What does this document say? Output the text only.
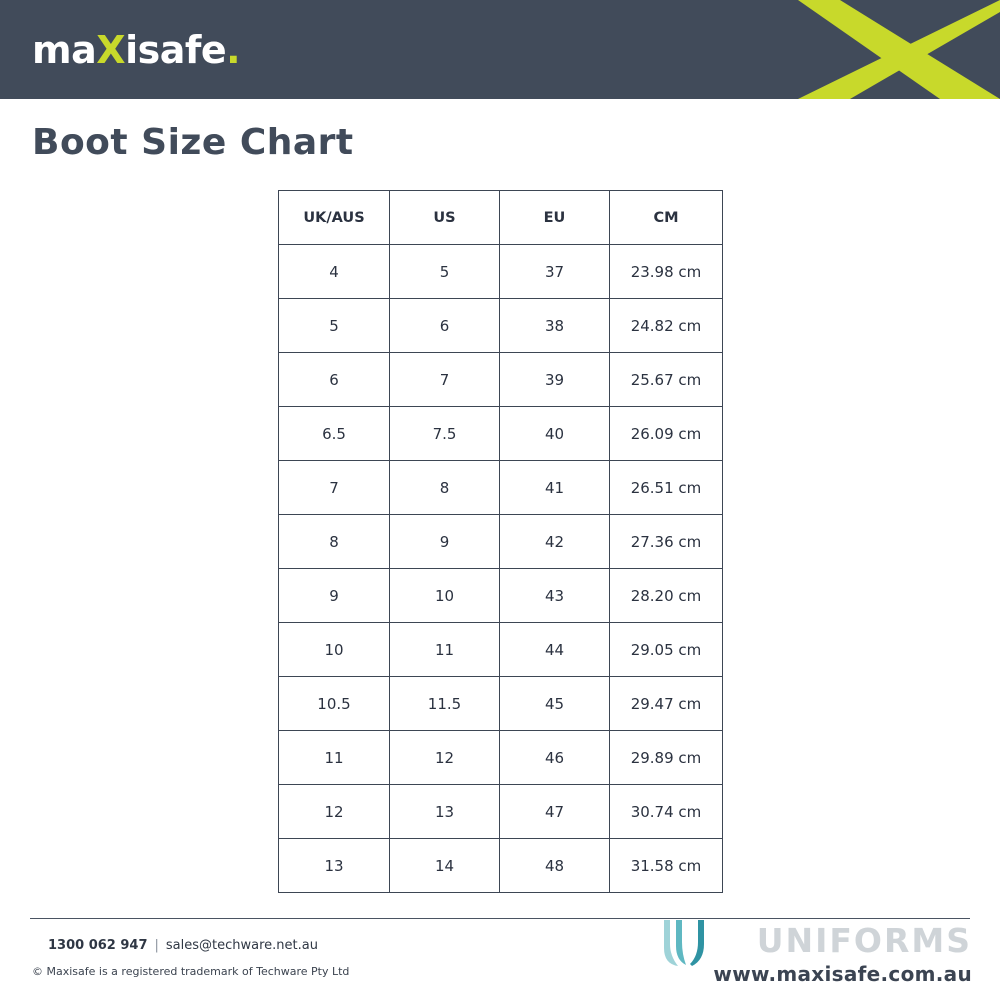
maXisafe.
Boot Size Chart
UK/AUS	US	EU	CM
4	5	37	23.98 cm
5	6	38	24.82 cm
6	7	39	25.67 cm
6.5	7.5	40	26.09 cm
7	8	41	26.51 cm
8	9	42	27.36 cm
9	10	43	28.20 cm
10	11	44	29.05 cm
10.5	11.5	45	29.47 cm
11	12	46	29.89 cm
12	13	47	30.74 cm
13	14	48	31.58 cm
UNIFORMS
1300 062 947 | sales@techware.net.au
© Maxisafe is a registered trademark of Techware Pty Ltd	www.maxisafe.com.au
